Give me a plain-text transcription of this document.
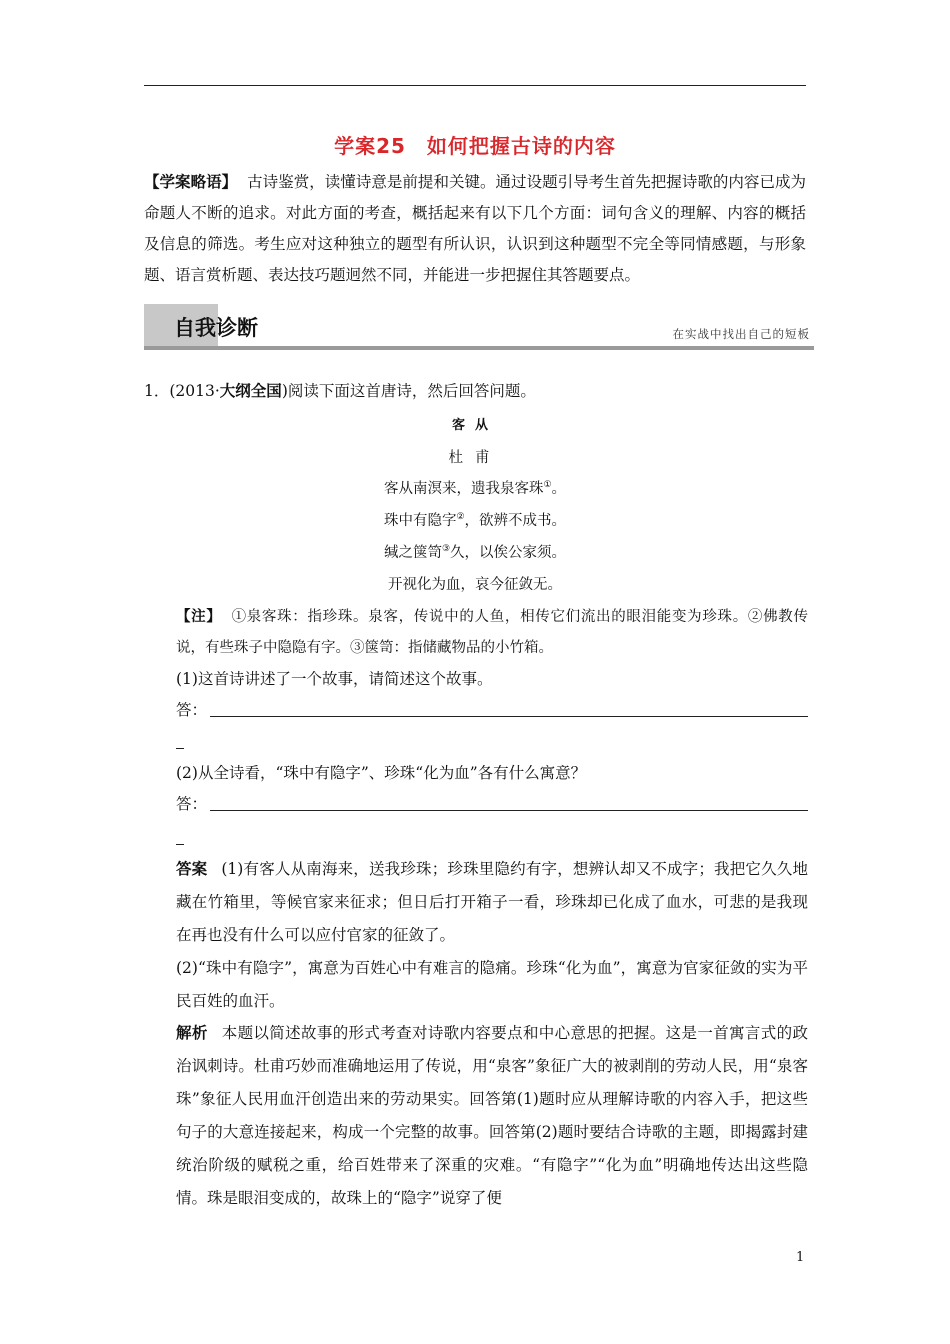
学案25　如何把握古诗的内容
【学案略语】 古诗鉴赏，读懂诗意是前提和关键。通过设题引导考生首先把握诗歌的内容已成为命题人不断的追求。对此方面的考查，概括起来有以下几个方面：词句含义的理解、内容的概括及信息的筛选。考生应对这种独立的题型有所认识，认识到这种题型不完全等同情感题，与形象题、语言赏析题、表达技巧题迥然不同，并能进一步把握住其答题要点。
自我诊断	在实战中找出自己的短板
1．(2013·大纲全国)阅读下面这首唐诗，然后回答问题。
客从
杜甫
客从南溟来，遗我泉客珠①。
珠中有隐字②，欲辨不成书。
缄之箧笥③久，以俟公家须。
开视化为血，哀今征敛无。
【注】 ①泉客珠：指珍珠。泉客，传说中的人鱼，相传它们流出的眼泪能变为珍珠。②佛教传说，有些珠子中隐隐有字。③箧笥：指储藏物品的小竹箱。
(1)这首诗讲述了一个故事，请简述这个故事。
答：
(2)从全诗看，“珠中有隐字”、珍珠“化为血”各有什么寓意？
答：
答案 (1)有客人从南海来，送我珍珠；珍珠里隐约有字，想辨认却又不成字；我把它久久地藏在竹箱里，等候官家来征求；但日后打开箱子一看，珍珠却已化成了血水，可悲的是我现在再也没有什么可以应付官家的征敛了。
(2)“珠中有隐字”，寓意为百姓心中有难言的隐痛。珍珠“化为血”，寓意为官家征敛的实为平民百姓的血汗。
解析 本题以简述故事的形式考查对诗歌内容要点和中心意思的把握。这是一首寓言式的政治讽刺诗。杜甫巧妙而准确地运用了传说，用“泉客”象征广大的被剥削的劳动人民，用“泉客珠”象征人民用血汗创造出来的劳动果实。回答第(1)题时应从理解诗歌的内容入手，把这些句子的大意连接起来，构成一个完整的故事。回答第(2)题时要结合诗歌的主题，即揭露封建统治阶级的赋税之重，给百姓带来了深重的灾难。“有隐字”“化为血”明确地传达出这些隐情。珠是眼泪变成的，故珠上的“隐字”说穿了便
1
